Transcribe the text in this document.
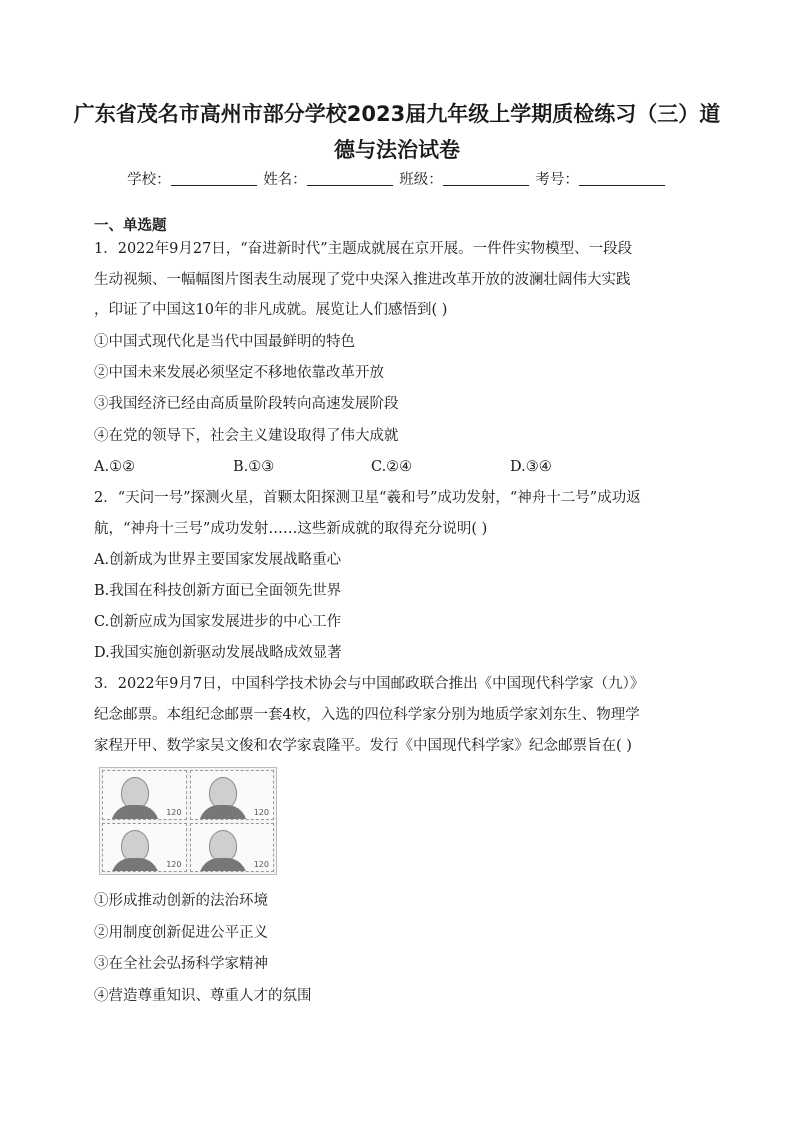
广东省茂名市高州市部分学校2023届九年级上学期质检练习（三）道
德与法治试卷
学校：	姓名：	班级：	考号：
一、单选题
1．2022年9月27日，“奋进新时代”主题成就展在京开展。一件件实物模型、一段段
生动视频、一幅幅图片图表生动展现了党中央深入推进改革开放的波澜壮阔伟大实践
，印证了中国这10年的非凡成就。展览让人们感悟到( )
①中国式现代化是当代中国最鲜明的特色
②中国未来发展必须坚定不移地依靠改革开放
③我国经济已经由高质量阶段转向高速发展阶段
④在党的领导下，社会主义建设取得了伟大成就
A.①②	B.①③	C.②④	D.③④
2．“天问一号”探测火星，首颗太阳探测卫星“羲和号”成功发射，“神舟十二号”成功返
航，“神舟十三号”成功发射……这些新成就的取得充分说明( )
A.创新成为世界主要国家发展战略重心
B.我国在科技创新方面已全面领先世界
C.创新应成为国家发展进步的中心工作
D.我国实施创新驱动发展战略成效显著
3．2022年9月7日，中国科学技术协会与中国邮政联合推出《中国现代科学家（九）》
纪念邮票。本组纪念邮票一套4枚，入选的四位科学家分别为地质学家刘东生、物理学
家程开甲、数学家吴文俊和农学家袁隆平。发行《中国现代科学家》纪念邮票旨在( )
120	120
120	120
①形成推动创新的法治环境
②用制度创新促进公平正义
③在全社会弘扬科学家精神
④营造尊重知识、尊重人才的氛围
